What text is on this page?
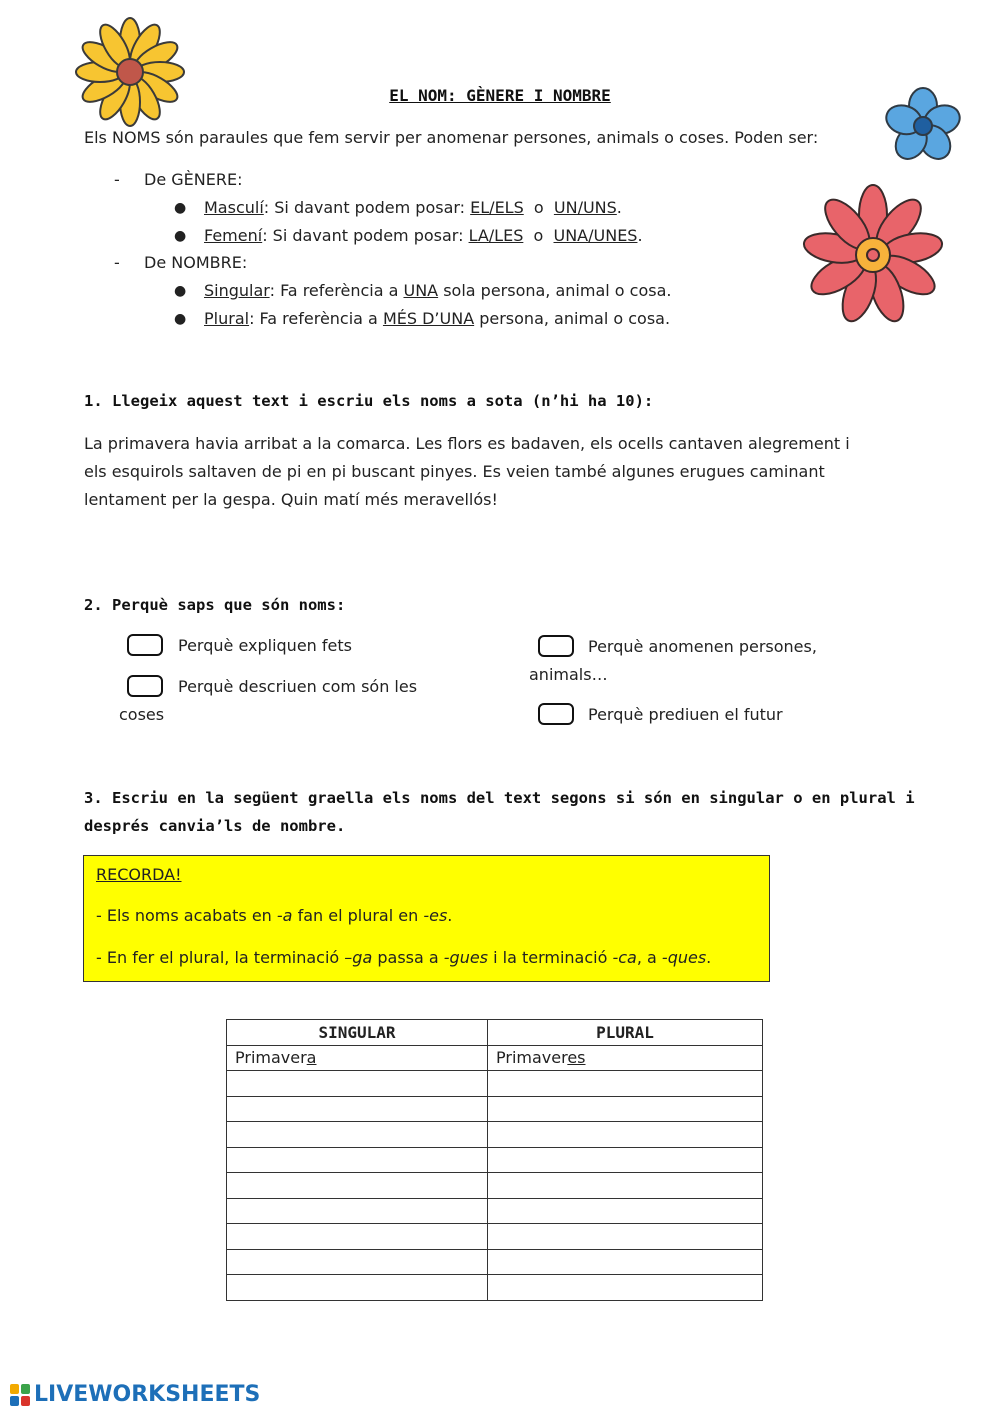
EL NOM: GÈNERE I NOMBRE
Els NOMS són paraules que fem servir per anomenar persones, animals o coses. Poden ser:
- De GÈNERE:
● Masculí: Si davant podem posar: EL/ELS o UN/UNS.
● Femení: Si davant podem posar: LA/LES o UNA/UNES.
- De NOMBRE:
● Singular: Fa referència a UNA sola persona, animal o cosa.
● Plural: Fa referència a MÉS D’UNA persona, animal o cosa.
1. Llegeix aquest text i escriu els noms a sota (n’hi ha 10):
La primavera havia arribat a la comarca. Les flors es badaven, els ocells cantaven alegrement i
els esquirols saltaven de pi en pi buscant pinyes. Es veien també algunes erugues caminant
lentament per la gespa. Quin matí més meravellós!
2. Perquè saps que són noms:
Perquè expliquen fets
Perquè descriuen com són les
coses
Perquè anomenen persones,
animals…
Perquè prediuen el futur
3. Escriu en la següent graella els noms del text segons si són en singular o en plural i
després canvia’ls de nombre.
RECORDA!
- Els noms acabats en -a fan el plural en -es.
- En fer el plural, la terminació –ga passa a -gues i la terminació -ca, a -ques.
SINGULAR	PLURAL
Primavera	Primaveres

LIVEWORKSHEETS
